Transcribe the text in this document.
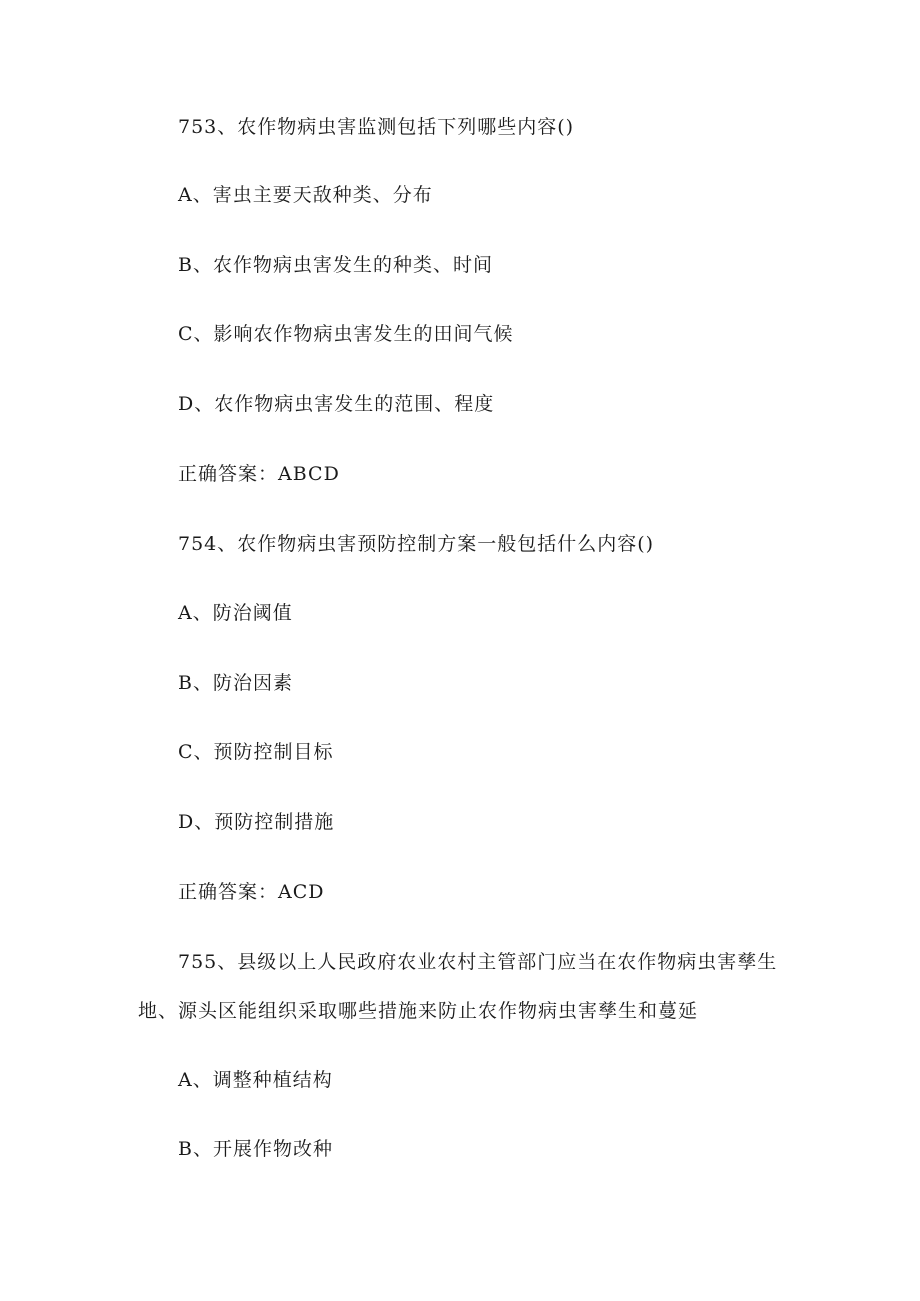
753、农作物病虫害监测包括下列哪些内容()
A、害虫主要天敌种类、分布
B、农作物病虫害发生的种类、时间
C、影响农作物病虫害发生的田间气候
D、农作物病虫害发生的范围、程度
正确答案：ABCD
754、农作物病虫害预防控制方案一般包括什么内容()
A、防治阈值
B、防治因素
C、预防控制目标
D、预防控制措施
正确答案：ACD
755、县级以上人民政府农业农村主管部门应当在农作物病虫害孳生
地、源头区能组织采取哪些措施来防止农作物病虫害孳生和蔓延
A、调整种植结构
B、开展作物改种
